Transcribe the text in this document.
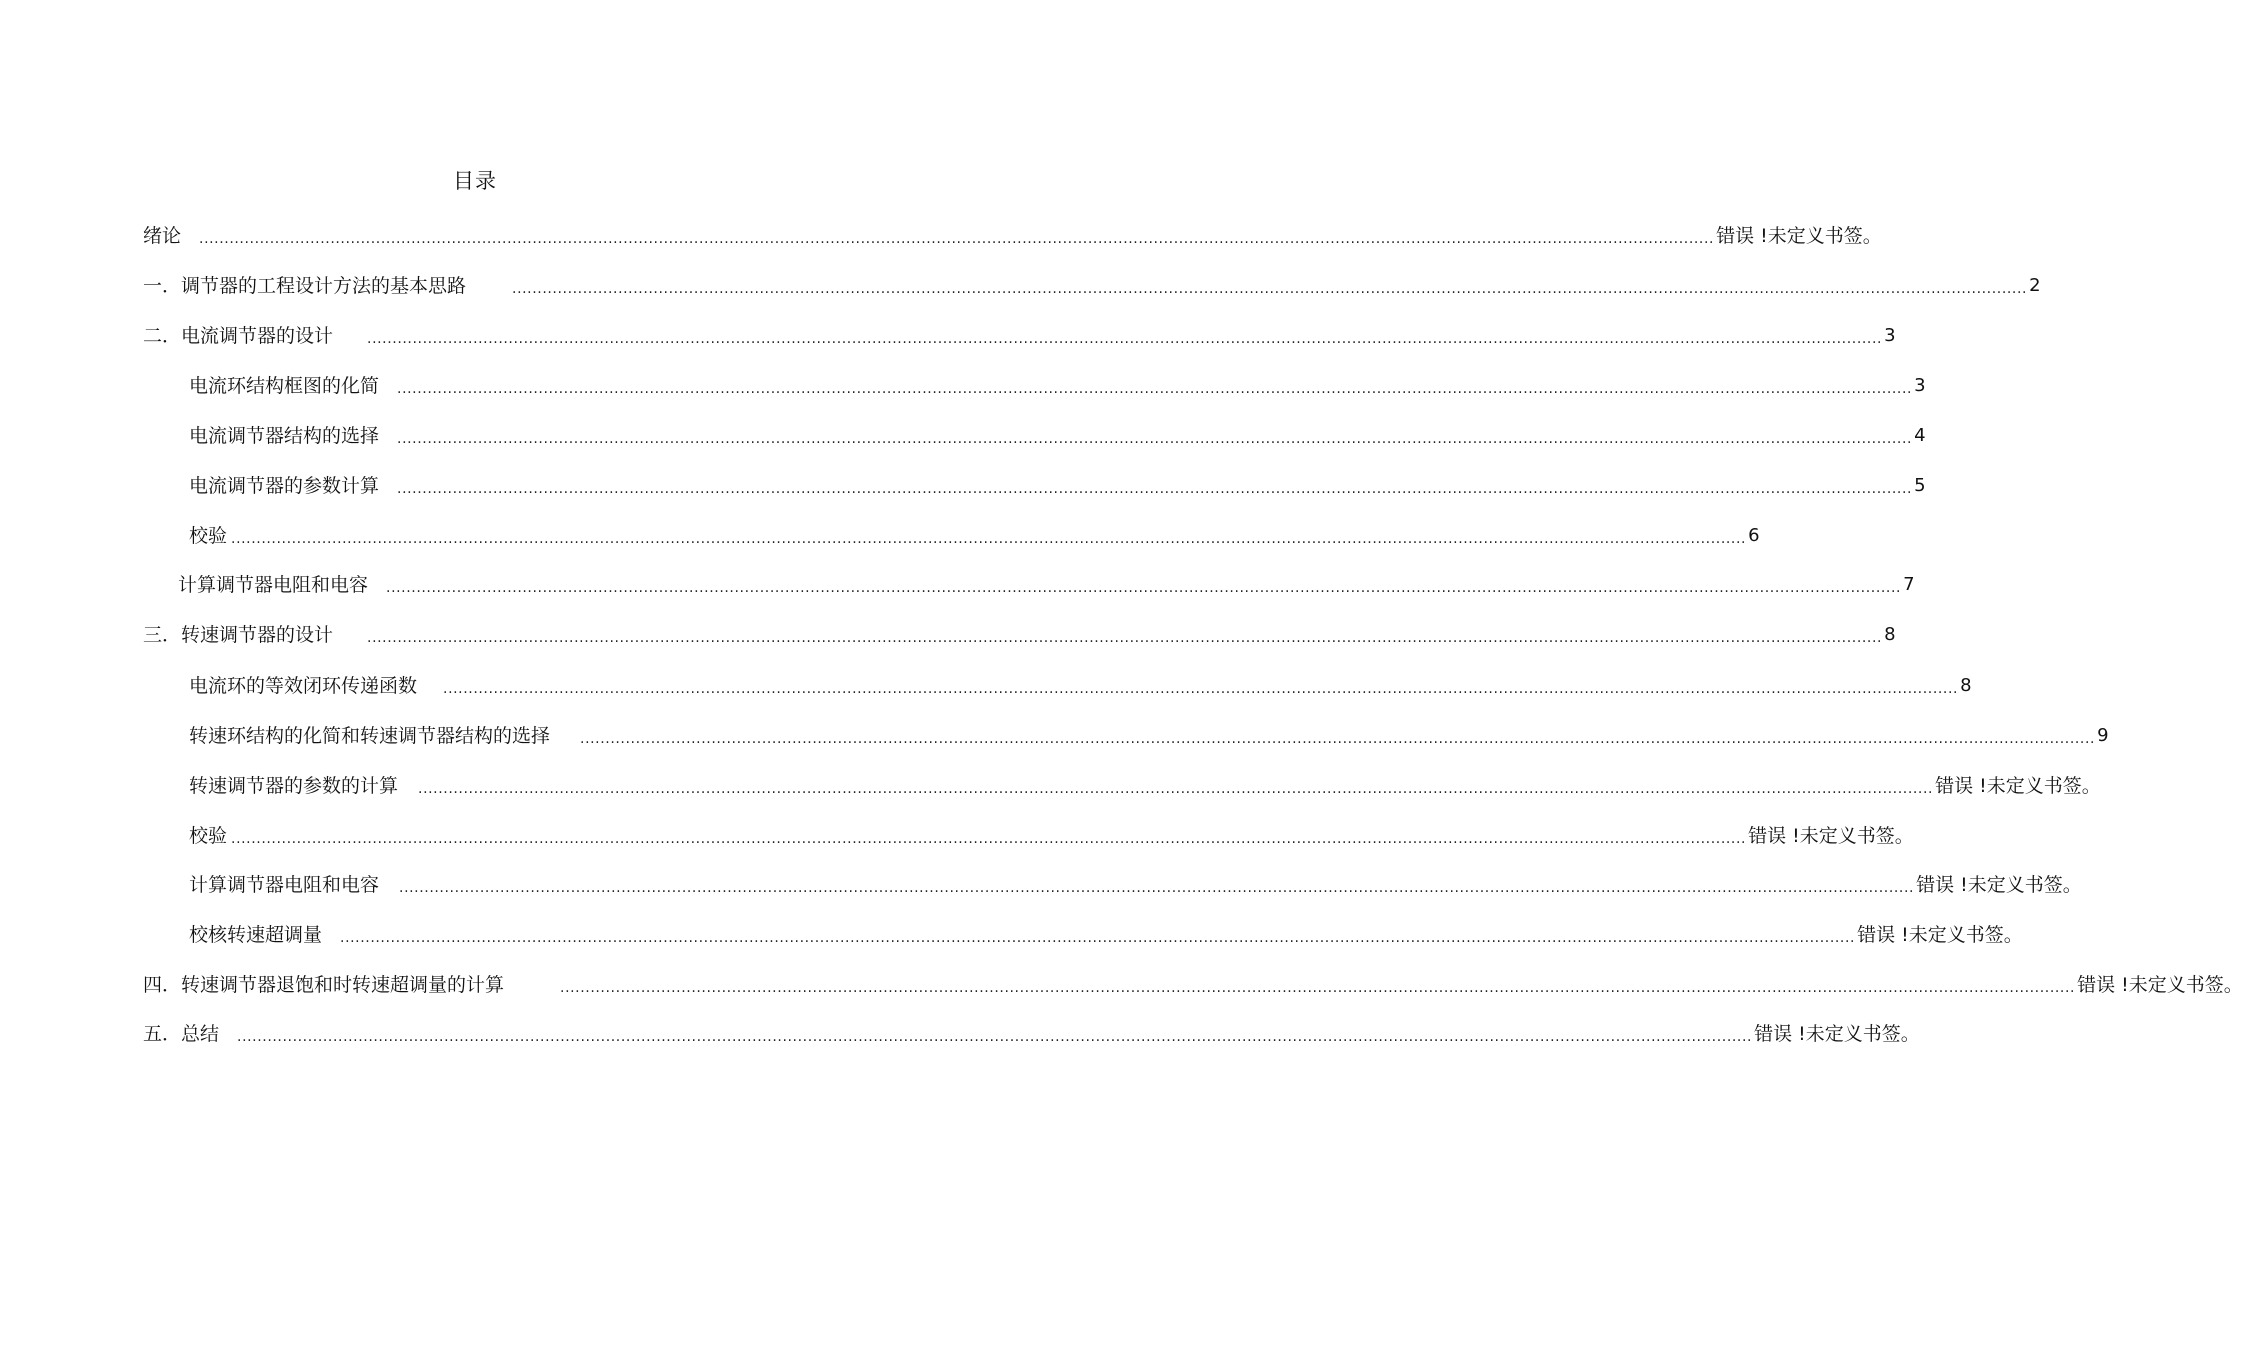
目录
绪论 ............................................................................................................................................................................................................................................................................................................ 错误 !未定义书签。
一． 调节器的工程设计方法的基本思路	............................................................................................................................................................................................................................................................................................................ 2
二． 电流调节器的设计 ............................................................................................................................................................................................................................................................................................................ 3
电流环结构框图的化简 ............................................................................................................................................................................................................................................................................................................ 3
电流调节器结构的选择 ............................................................................................................................................................................................................................................................................................................ 4
电流调节器的参数计算 ............................................................................................................................................................................................................................................................................................................ 5
校验 ............................................................................................................................................................................................................................................................................................................ 6
计算调节器电阻和电容 ............................................................................................................................................................................................................................................................................................................ 7
三． 转速调节器的设计 ............................................................................................................................................................................................................................................................................................................ 8
电流环的等效闭环传递函数 ............................................................................................................................................................................................................................................................................................................ 8
转速环结构的化简和转速调节器结构的选择 ............................................................................................................................................................................................................................................................................................................ 9
转速调节器的参数的计算 ............................................................................................................................................................................................................................................................................................................ 错误 !未定义书签。
校验 ............................................................................................................................................................................................................................................................................................................ 错误 !未定义书签。
计算调节器电阻和电容 ............................................................................................................................................................................................................................................................................................................ 错误 !未定义书签。
校核转速超调量 ............................................................................................................................................................................................................................................................................................................ 错误 !未定义书签。
四． 转速调节器退饱和时转速超调量的计算	............................................................................................................................................................................................................................................................................................................ 错误 !未定义书签。
五． 总结 ............................................................................................................................................................................................................................................................................................................ 错误 !未定义书签。
